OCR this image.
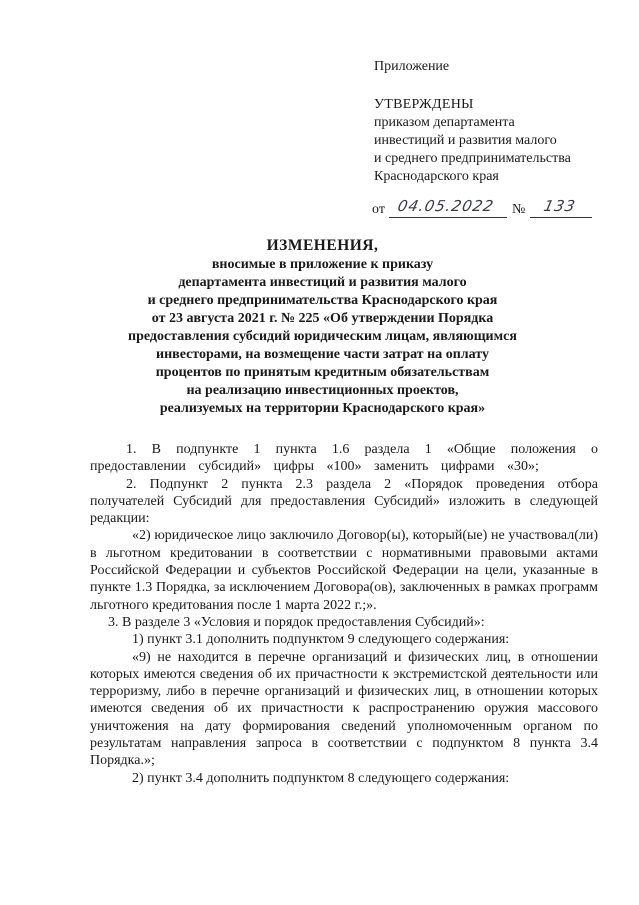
Приложение
УТВЕРЖДЕНЫ
приказом департамента
инвестиций и развития малого
и среднего предпринимательства
Краснодарского края
от 04.05.2022 № 133
ИЗМЕНЕНИЯ,
вносимые в приложение к приказу
департамента инвестиций и развития малого
и среднего предпринимательства Краснодарского края
от 23 августа 2021 г. № 225 «Об утверждении Порядка
предоставления субсидий юридическим лицам, являющимся
инвесторами, на возмещение части затрат на оплату
процентов по принятым кредитным обязательствам
на реализацию инвестиционных проектов,
реализуемых на территории Краснодарского края»

1. В подпункте 1 пункта 1.6 раздела 1 «Общие положения о предоставлении субсидий» цифры «100» заменить цифрами «30»;

2. Подпункт 2 пункта 2.3 раздела 2 «Порядок проведения отбора получателей Субсидий для предоставления Субсидий» изложить в следующей редакции:

«2) юридическое лицо заключило Договор(ы), который(ые) не участвовал(ли) в льготном кредитовании в соответствии с нормативными правовыми актами Российской Федерации и субъектов Российской Федерации на цели, указанные в пункте 1.3 Порядка, за исключением Договора(ов), заключенных в рамках программ льготного кредитования после 1 марта 2022 г.;».

3. В разделе 3 «Условия и порядок предоставления Субсидий»:

1) пункт 3.1 дополнить подпунктом 9 следующего содержания:

«9) не находится в перечне организаций и физических лиц, в отношении которых имеются сведения об их причастности к экстремистской деятельности или терроризму, либо в перечне организаций и физических лиц, в отношении которых имеются сведения об их причастности к распространению оружия массового уничтожения на дату формирования сведений уполномоченным органом по результатам направления запроса в соответствии с подпунктом 8 пункта 3.4 Порядка.»;

2) пункт 3.4 дополнить подпунктом 8 следующего содержания:
